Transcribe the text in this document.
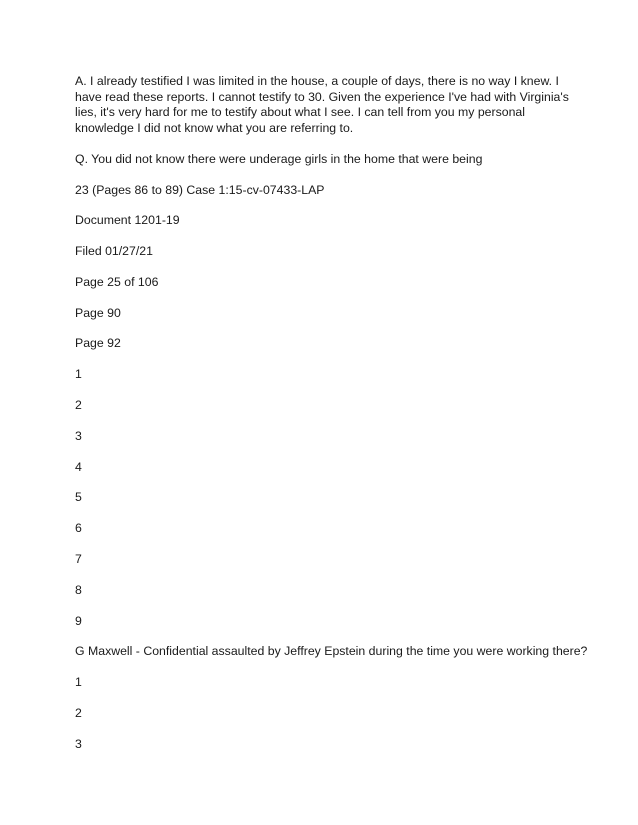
A. I already testified I was limited in the house, a couple of days, there is no way I knew. I have read these reports. I cannot testify to 30. Given the experience I've had with Virginia's lies, it's very hard for me to testify about what I see. I can tell from you my personal knowledge I did not know what you are referring to.

Q. You did not know there were underage girls in the home that were being

23 (Pages 86 to 89) Case 1:15-cv-07433-LAP

Document 1201-19

Filed 01/27/21

Page 25 of 106

Page 90

Page 92

1

2

3

4

5

6

7

8

9

G Maxwell - Confidential assaulted by Jeffrey Epstein during the time you were working there?

1

2

3
